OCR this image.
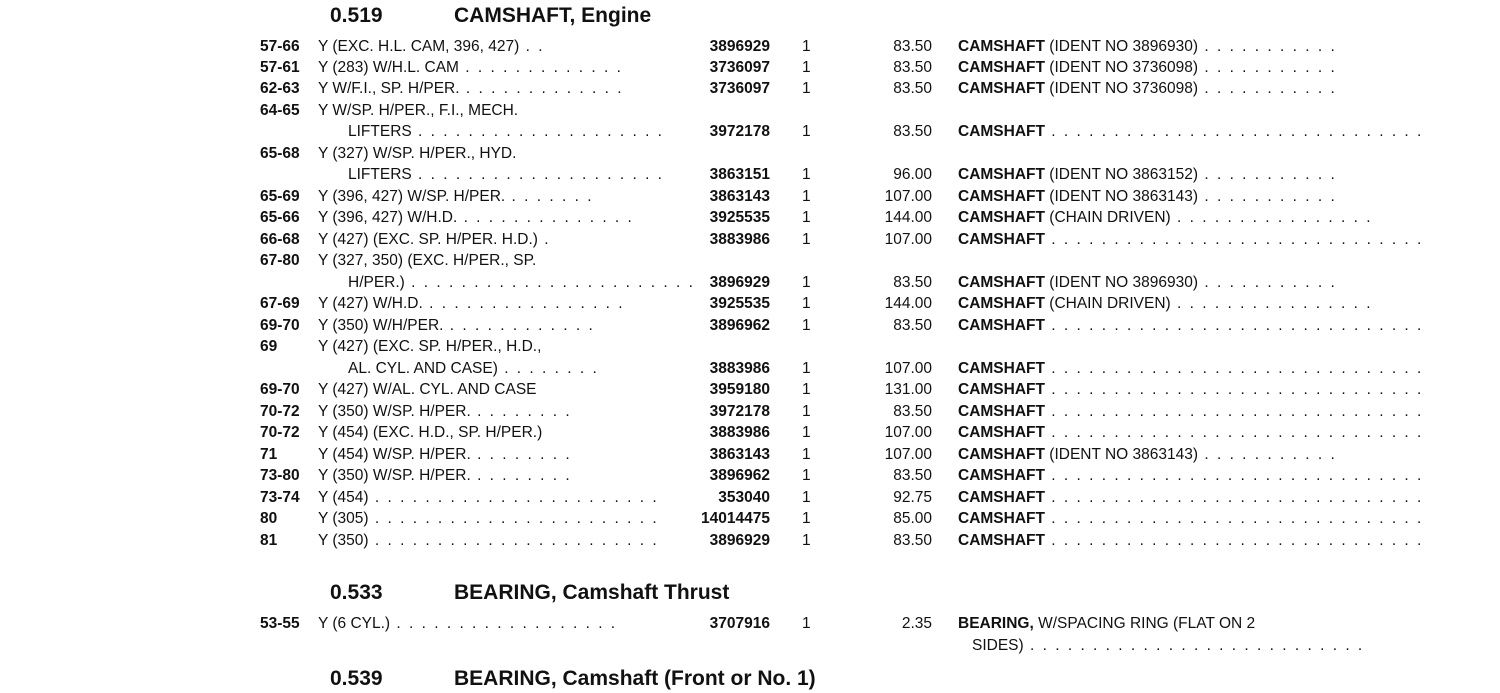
0.519	CAMSHAFT, Engine
0.533	BEARING, Camshaft Thrust
0.539	BEARING, Camshaft (Front or No. 1)
57-66 Y (EXC. H.L. CAM, 396, 427) . .	3896929 1	83.50 CAMSHAFT (IDENT NO 3896930) . . . . . . . . . . .
57-61 Y (283) W/H.L. CAM . . . . . . . . . . . . .	3736097 1	83.50 CAMSHAFT (IDENT NO 3736098) . . . . . . . . . . .
62-63 Y W/F.I., SP. H/PER. . . . . . . . . . . . . .	3736097 1	83.50 CAMSHAFT (IDENT NO 3736098) . . . . . . . . . . .
64-65 Y W/SP. H/PER., F.I., MECH.
LIFTERS . . . . . . . . . . . . . . . . . . . .	3972178 1	83.50 CAMSHAFT . . . . . . . . . . . . . . . . . . . . . . . . . . . . . .
65-68 Y (327) W/SP. H/PER., HYD.
LIFTERS . . . . . . . . . . . . . . . . . . . .	3863151 1	96.00 CAMSHAFT (IDENT NO 3863152) . . . . . . . . . . .
65-69 Y (396, 427) W/SP. H/PER. . . . . . . .	3863143 1	107.00 CAMSHAFT (IDENT NO 3863143) . . . . . . . . . . .
65-66 Y (396, 427) W/H.D. . . . . . . . . . . . . . .	3925535 1	144.00 CAMSHAFT (CHAIN DRIVEN) . . . . . . . . . . . . . . . .
66-68 Y (427) (EXC. SP. H/PER. H.D.) .	3883986 1	107.00 CAMSHAFT . . . . . . . . . . . . . . . . . . . . . . . . . . . . . .
67-80 Y (327, 350) (EXC. H/PER., SP.
H/PER.) . . . . . . . . . . . . . . . . . . . . . . . 3896929 1	83.50 CAMSHAFT (IDENT NO 3896930) . . . . . . . . . . .
67-69 Y (427) W/H.D. . . . . . . . . . . . . . . . .	3925535 1	144.00 CAMSHAFT (CHAIN DRIVEN) . . . . . . . . . . . . . . . .
69-70 Y (350) W/H/PER. . . . . . . . . . . . .	3896962 1	83.50 CAMSHAFT . . . . . . . . . . . . . . . . . . . . . . . . . . . . . .
69	Y (427) (EXC. SP. H/PER., H.D.,
AL. CYL. AND CASE) . . . . . . . .	3883986 1	107.00 CAMSHAFT . . . . . . . . . . . . . . . . . . . . . . . . . . . . . .
69-70 Y (427) W/AL. CYL. AND CASE	3959180 1	131.00 CAMSHAFT . . . . . . . . . . . . . . . . . . . . . . . . . . . . . .
70-72 Y (350) W/SP. H/PER. . . . . . . . .	3972178 1	83.50 CAMSHAFT . . . . . . . . . . . . . . . . . . . . . . . . . . . . . .
70-72 Y (454) (EXC. H.D., SP. H/PER.)	3883986 1	107.00 CAMSHAFT . . . . . . . . . . . . . . . . . . . . . . . . . . . . . .
71	Y (454) W/SP. H/PER. . . . . . . . .	3863143 1	107.00 CAMSHAFT (IDENT NO 3863143) . . . . . . . . . . .
73-80 Y (350) W/SP. H/PER. . . . . . . . .	3896962 1	83.50 CAMSHAFT . . . . . . . . . . . . . . . . . . . . . . . . . . . . . .
73-74 Y (454) . . . . . . . . . . . . . . . . . . . . . . .	353040 1	92.75 CAMSHAFT . . . . . . . . . . . . . . . . . . . . . . . . . . . . . .
80	Y (305) . . . . . . . . . . . . . . . . . . . . . . .	14014475 1	85.00 CAMSHAFT . . . . . . . . . . . . . . . . . . . . . . . . . . . . . .
81	Y (350) . . . . . . . . . . . . . . . . . . . . . . .	3896929 1	83.50 CAMSHAFT . . . . . . . . . . . . . . . . . . . . . . . . . . . . . .
53-55 Y (6 CYL.) . . . . . . . . . . . . . . . . . .	3707916 1	2.35 BEARING, W/SPACING RING (FLAT ON 2
SIDES) . . . . . . . . . . . . . . . . . . . . . . . . . . .
